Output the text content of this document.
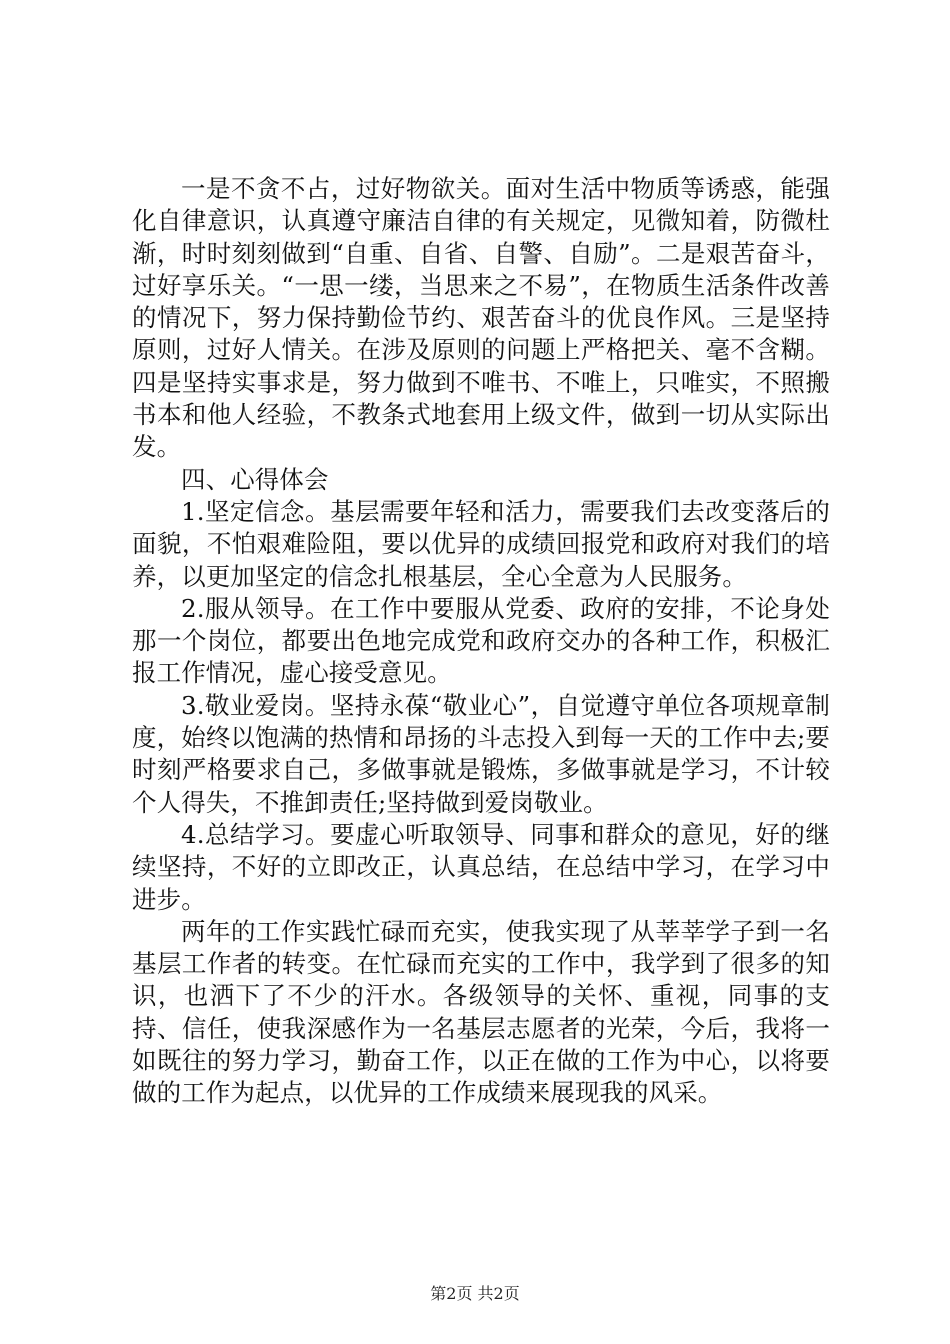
一是不贪不占，过好物欲关。面对生活中物质等诱惑，能强化自律意识，认真遵守廉洁自律的有关规定，见微知着，防微杜渐，时时刻刻做到“自重、自省、自警、自励”。二是艰苦奋斗，过好享乐关。“一思一缕，当思来之不易”，在物质生活条件改善的情况下，努力保持勤俭节约、艰苦奋斗的优良作风。三是坚持原则，过好人情关。在涉及原则的问题上严格把关、毫不含糊。四是坚持实事求是，努力做到不唯书、不唯上，只唯实，不照搬书本和他人经验，不教条式地套用上级文件，做到一切从实际出发。

四、心得体会

1.坚定信念。基层需要年轻和活力，需要我们去改变落后的面貌，不怕艰难险阻，要以优异的成绩回报党和政府对我们的培养，以更加坚定的信念扎根基层，全心全意为人民服务。

2.服从领导。在工作中要服从党委、政府的安排，不论身处那一个岗位，都要出色地完成党和政府交办的各种工作，积极汇报工作情况，虚心接受意见。

3.敬业爱岗。坚持永葆“敬业心”，自觉遵守单位各项规章制度，始终以饱满的热情和昂扬的斗志投入到每一天的工作中去;要时刻严格要求自己，多做事就是锻炼，多做事就是学习，不计较个人得失，不推卸责任;坚持做到爱岗敬业。

4.总结学习。要虚心听取领导、同事和群众的意见，好的继续坚持，不好的立即改正，认真总结，在总结中学习，在学习中进步。

两年的工作实践忙碌而充实，使我实现了从莘莘学子到一名基层工作者的转变。在忙碌而充实的工作中，我学到了很多的知识，也洒下了不少的汗水。各级领导的关怀、重视，同事的支持、信任，使我深感作为一名基层志愿者的光荣，今后，我将一如既往的努力学习，勤奋工作，以正在做的工作为中心，以将要做的工作为起点，以优异的工作成绩来展现我的风采。

第2页 共2页
